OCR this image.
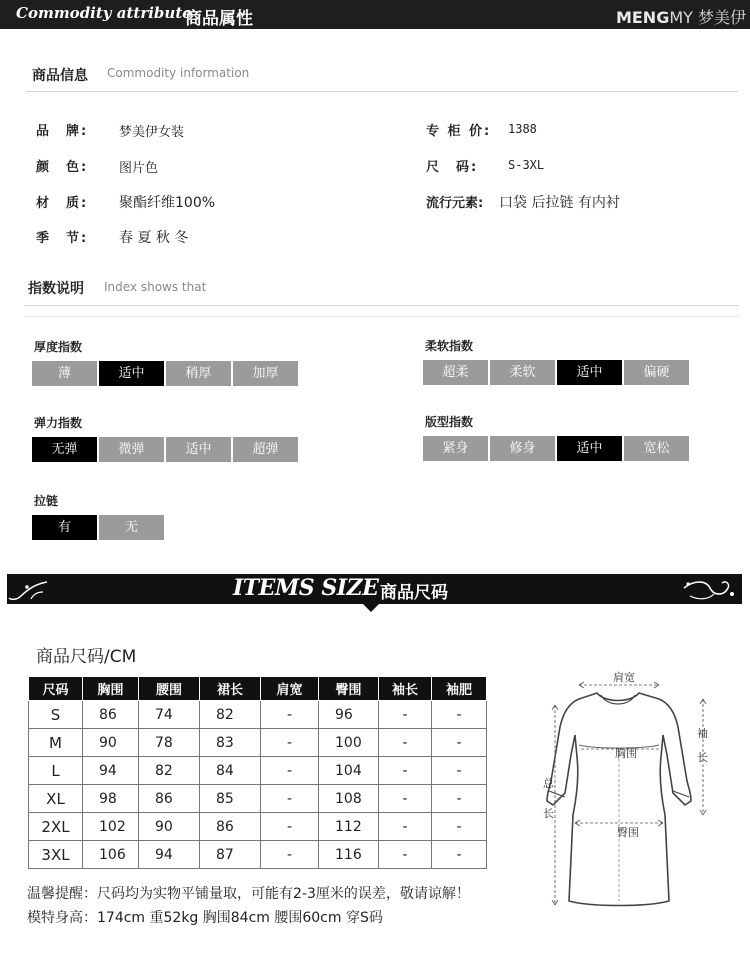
Commodity attribute
商品属性	MENGMY 梦美伊
商品信息 Commodity information
品　牌: 梦美伊女装	专 柜 价: 1388
颜　色: 图片色	尺　码: S-3XL
材　质: 聚酯纤维100%	流行元素: 口袋 后拉链 有内衬
季　节: 春 夏 秋 冬
指数说明 Index shows that
厚度指数
薄	适中	稍厚	加厚
柔软指数
超柔	柔软	适中	偏硬
弹力指数
无弹	微弹	适中	超弹
版型指数
紧身	修身	适中	宽松
拉链
有	无
ITEMS SIZE 商品尺码
商品尺码/CM
尺码	胸围	腰围	裙长	肩宽	臀围	袖长	袖肥
S	86	74	82	-	96	-	-
M	90	78	83	-	100	-	-
L	94	82	84	-	104	-	-
XL	98	86	85	-	108	-	-
2XL	102	90	86	-	112	-	-
3XL	106	94	87	-	116	-	-
温馨提醒：尺码均为实物平铺量取，可能有2-3厘米的误差，敬请谅解！
模特身高：174cm 重52kg 胸围84cm 腰围60cm 穿S码
肩宽
胸围
臀围
总
长
袖
长
